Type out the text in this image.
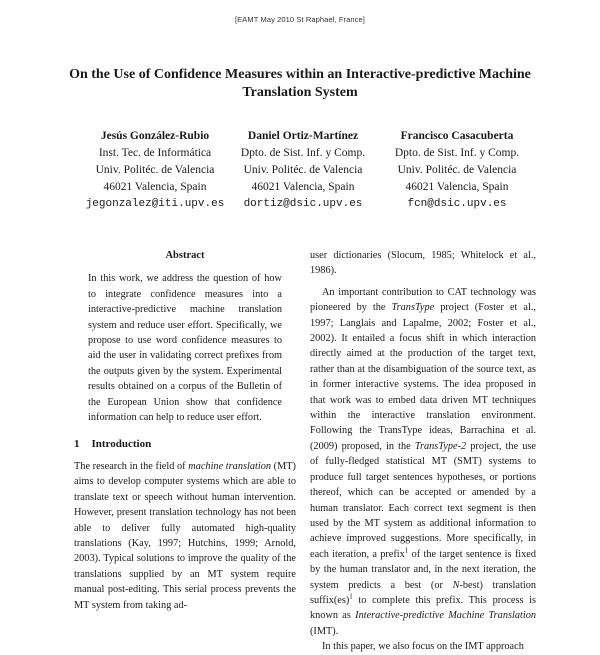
[EAMT May 2010 St Raphael, France]
On the Use of Confidence Measures within an Interactive-predictive Machine Translation System
Jesús González-Rubio
Inst. Tec. de Informática
Univ. Politéc. de Valencia
46021 Valencia, Spain
jegonzalez@iti.upv.es
Daniel Ortiz-Martínez
Dpto. de Sist. Inf. y Comp.
Univ. Politéc. de Valencia
46021 Valencia, Spain
dortiz@dsic.upv.es
Francisco Casacuberta
Dpto. de Sist. Inf. y Comp.
Univ. Politéc. de Valencia
46021 Valencia, Spain
fcn@dsic.upv.es
Abstract

In this work, we address the question of how to integrate confidence measures into a interactive-predictive machine translation system and reduce user effort. Specifically, we propose to use word confidence measures to aid the user in validating correct prefixes from the outputs given by the system. Experimental results obtained on a corpus of the Bulletin of the European Union show that confidence information can help to reduce user effort.

1 Introduction

The research in the field of machine translation (MT) aims to develop computer systems which are able to translate text or speech without human intervention. However, present translation technology has not been able to deliver fully automated high-quality translations (Kay, 1997; Hutchins, 1999; Arnold, 2003). Typical solutions to improve the quality of the translations supplied by an MT system require manual post-editing. This serial process prevents the MT system from taking ad-

user dictionaries (Slocum, 1985; Whitelock et al., 1986).

An important contribution to CAT technology was pioneered by the TransType project (Foster et al., 1997; Langlais and Lapalme, 2002; Foster et al., 2002). It entailed a focus shift in which interaction directly aimed at the production of the target text, rather than at the disambiguation of the source text, as in former interactive systems. The idea proposed in that work was to embed data driven MT techniques within the interactive translation environment. Following the TransType ideas, Barrachina et al. (2009) proposed, in the TransType-2 project, the use of fully-fledged statistical MT (SMT) systems to produce full target sentences hypotheses, or portions thereof, which can be accepted or amended by a human translator. Each correct text segment is then used by the MT system as additional information to achieve improved suggestions. More specifically, in each iteration, a prefix$^1$ of the target sentence is fixed by the human translator and, in the next iteration, the system predicts a best (or N-best) translation suffix(es)$^1$ to complete this prefix. This process is known as Interactive-predictive Machine Translation (IMT).

In this paper, we also focus on the IMT approach
